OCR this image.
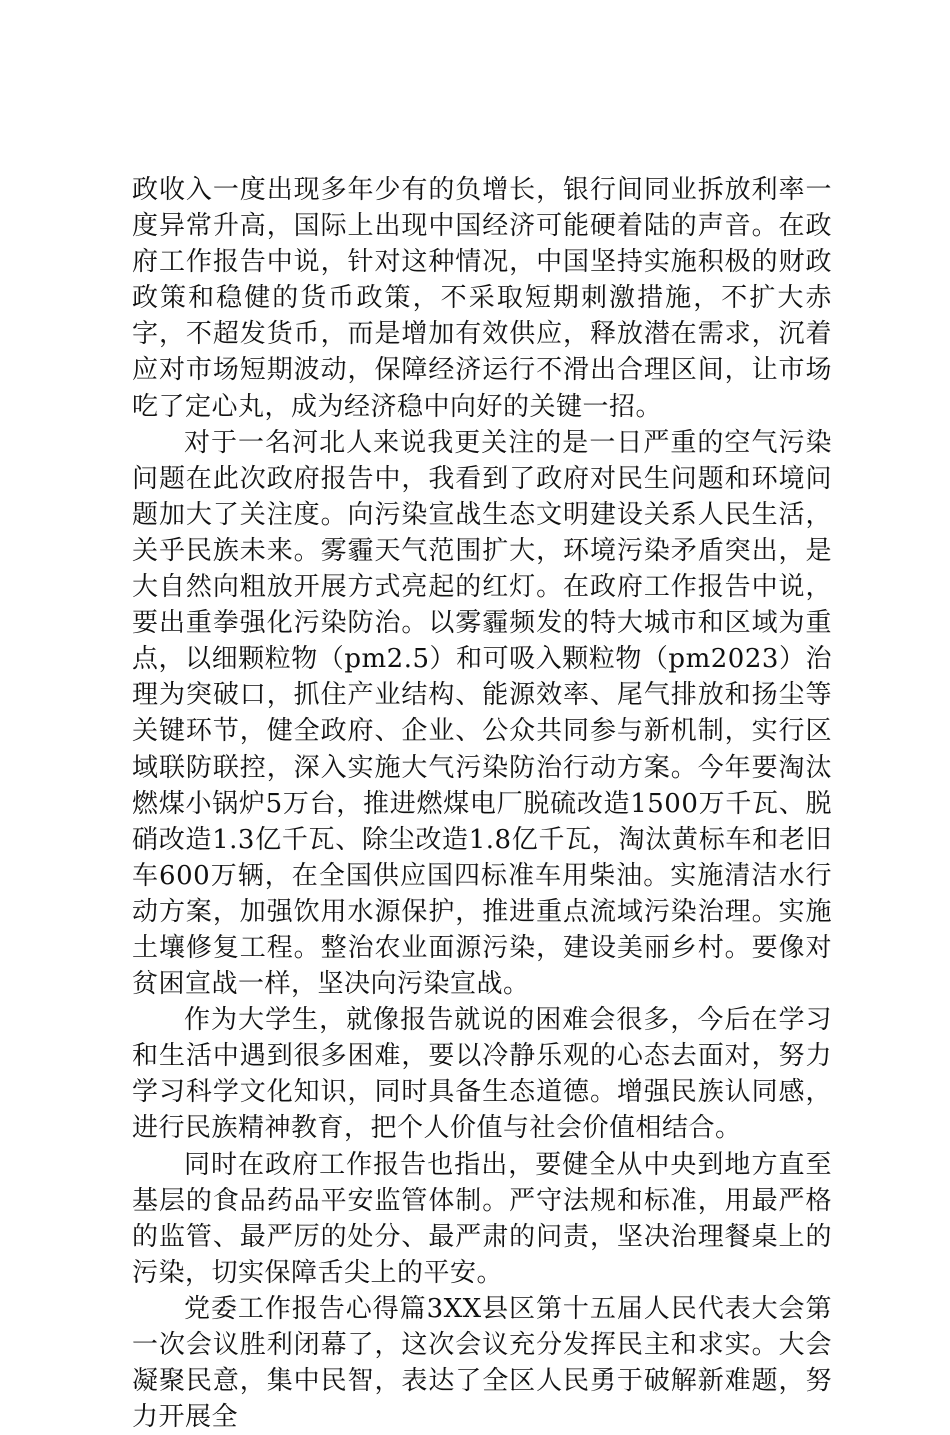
政收入一度出现多年少有的负增长，银行间同业拆放利率一度异常升高，国际上出现中国经济可能硬着陆的声音。在政府工作报告中说，针对这种情况，中国坚持实施积极的财政政策和稳健的货币政策，不采取短期刺激措施，不扩大赤字，不超发货币，而是增加有效供应，释放潜在需求，沉着应对市场短期波动，保障经济运行不滑出合理区间，让市场吃了定心丸，成为经济稳中向好的关键一招。

对于一名河北人来说我更关注的是一日严重的空气污染问题在此次政府报告中，我看到了政府对民生问题和环境问题加大了关注度。向污染宣战生态文明建设关系人民生活，关乎民族未来。雾霾天气范围扩大，环境污染矛盾突出，是大自然向粗放开展方式亮起的红灯。在政府工作报告中说，要出重拳强化污染防治。以雾霾频发的特大城市和区域为重点，以细颗粒物（pm2.5）和可吸入颗粒物（pm2023）治理为突破口，抓住产业结构、能源效率、尾气排放和扬尘等关键环节，健全政府、企业、公众共同参与新机制，实行区域联防联控，深入实施大气污染防治行动方案。今年要淘汰燃煤小锅炉5万台，推进燃煤电厂脱硫改造1500万千瓦、脱硝改造1.3亿千瓦、除尘改造1.8亿千瓦，淘汰黄标车和老旧车600万辆，在全国供应国四标准车用柴油。实施清洁水行动方案，加强饮用水源保护，推进重点流域污染治理。实施土壤修复工程。整治农业面源污染，建设美丽乡村。要像对贫困宣战一样，坚决向污染宣战。

作为大学生，就像报告就说的困难会很多，今后在学习和生活中遇到很多困难，要以冷静乐观的心态去面对，努力学习科学文化知识，同时具备生态道德。增强民族认同感，进行民族精神教育，把个人价值与社会价值相结合。

同时在政府工作报告也指出，要健全从中央到地方直至基层的食品药品平安监管体制。严守法规和标准，用最严格的监管、最严厉的处分、最严肃的问责，坚决治理餐桌上的污染，切实保障舌尖上的平安。

党委工作报告心得篇3XX县区第十五届人民代表大会第一次会议胜利闭幕了，这次会议充分发挥民主和求实。大会凝聚民意，集中民智，表达了全区人民勇于破解新难题，努力开展全
